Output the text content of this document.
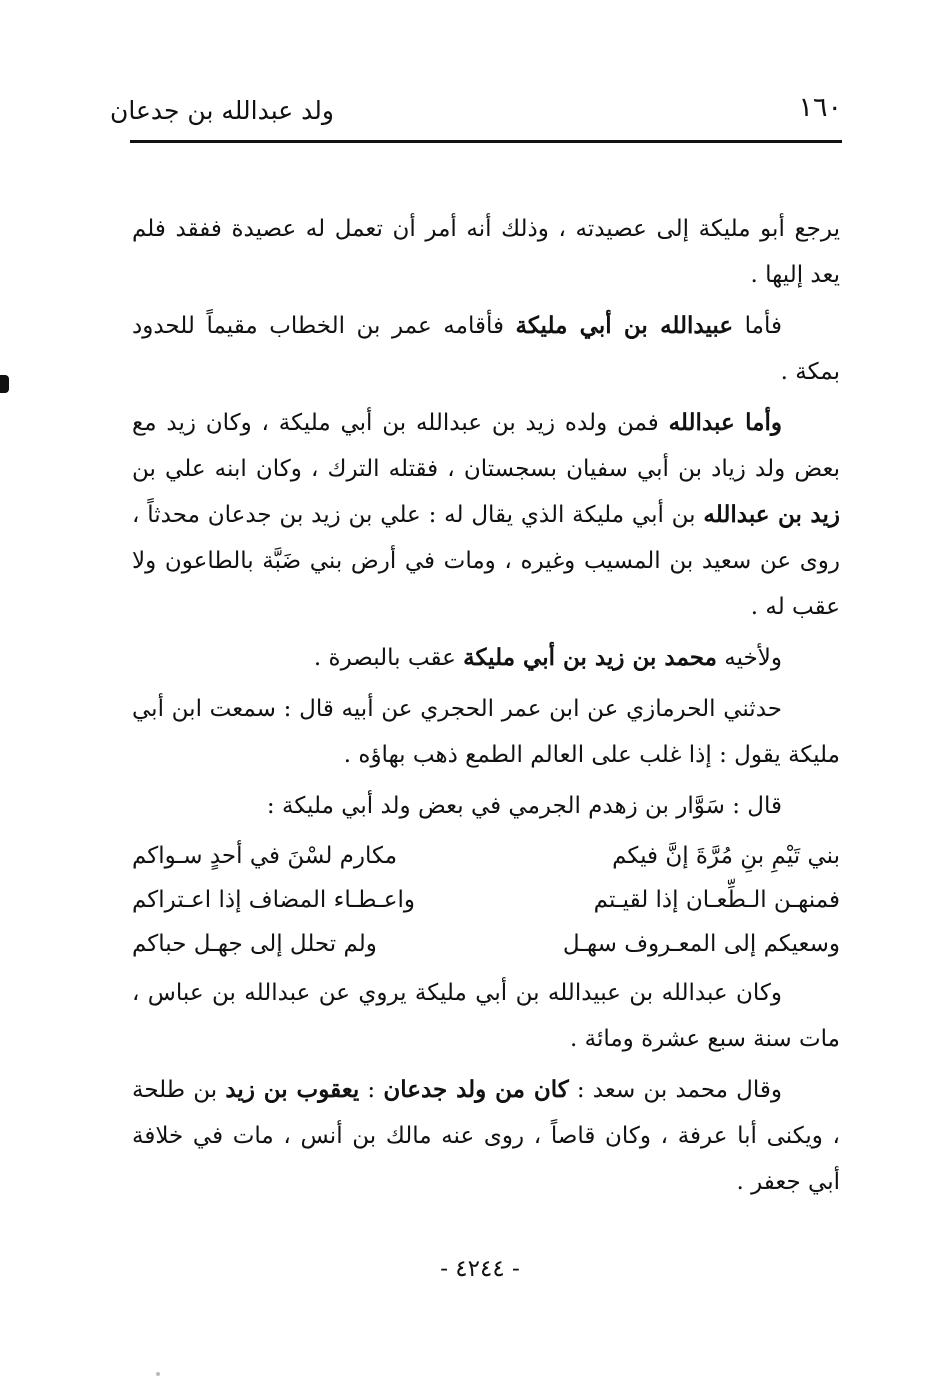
١٦٠
ولد عبدالله بن جدعان

يرجع أبو مليكة إلى عصيدته ، وذلك أنه أمر أن تعمل له عصيدة ففقد فلم يعد إليها .

فأما عبيدالله بن أبي مليكة فأقامه عمر بن الخطاب مقيماً للحدود بمكة .

وأما عبدالله فمن ولده زيد بن عبدالله بن أبي مليكة ، وكان زيد مع بعض ولد زياد بن أبي سفيان بسجستان ، فقتله الترك ، وكان ابنه علي بن زيد بن عبدالله بن أبي مليكة الذي يقال له : علي بن زيد بن جدعان محدثاً ، روى عن سعيد بن المسيب وغيره ، ومات في أرض بني ضَبَّة بالطاعون ولا عقب له .

ولأخيه محمد بن زيد بن أبي مليكة عقب بالبصرة .

حدثني الحرمازي عن ابن عمر الحجري عن أبيه قال : سمعت ابن أبي مليكة يقول : إذا غلب على العالم الطمع ذهب بهاؤه .

قال : سَوَّار بن زهدم الجرمي في بعض ولد أبي مليكة :

بني تَيْمِ بنِ مُرَّةَ إنَّ فيكم
مكارم لسْنَ في أحدٍ سـواكم
فمنهـن الـطِّعـان إذا لقيـتم
واعـطـاء المضاف إذا اعـتراكم
وسعيكم إلى المعـروف سهـل
ولم تحلل إلى جهـل حباكم

وكان عبدالله بن عبيدالله بن أبي مليكة يروي عن عبدالله بن عباس ، مات سنة سبع عشرة ومائة .

وقال محمد بن سعد : كان من ولد جدعان : يعقوب بن زيد بن طلحة ، ويكنى أبا عرفة ، وكان قاصاً ، روى عنه مالك بن أنس ، مات في خلافة أبي جعفر .

- ٤٢٤٤ -
